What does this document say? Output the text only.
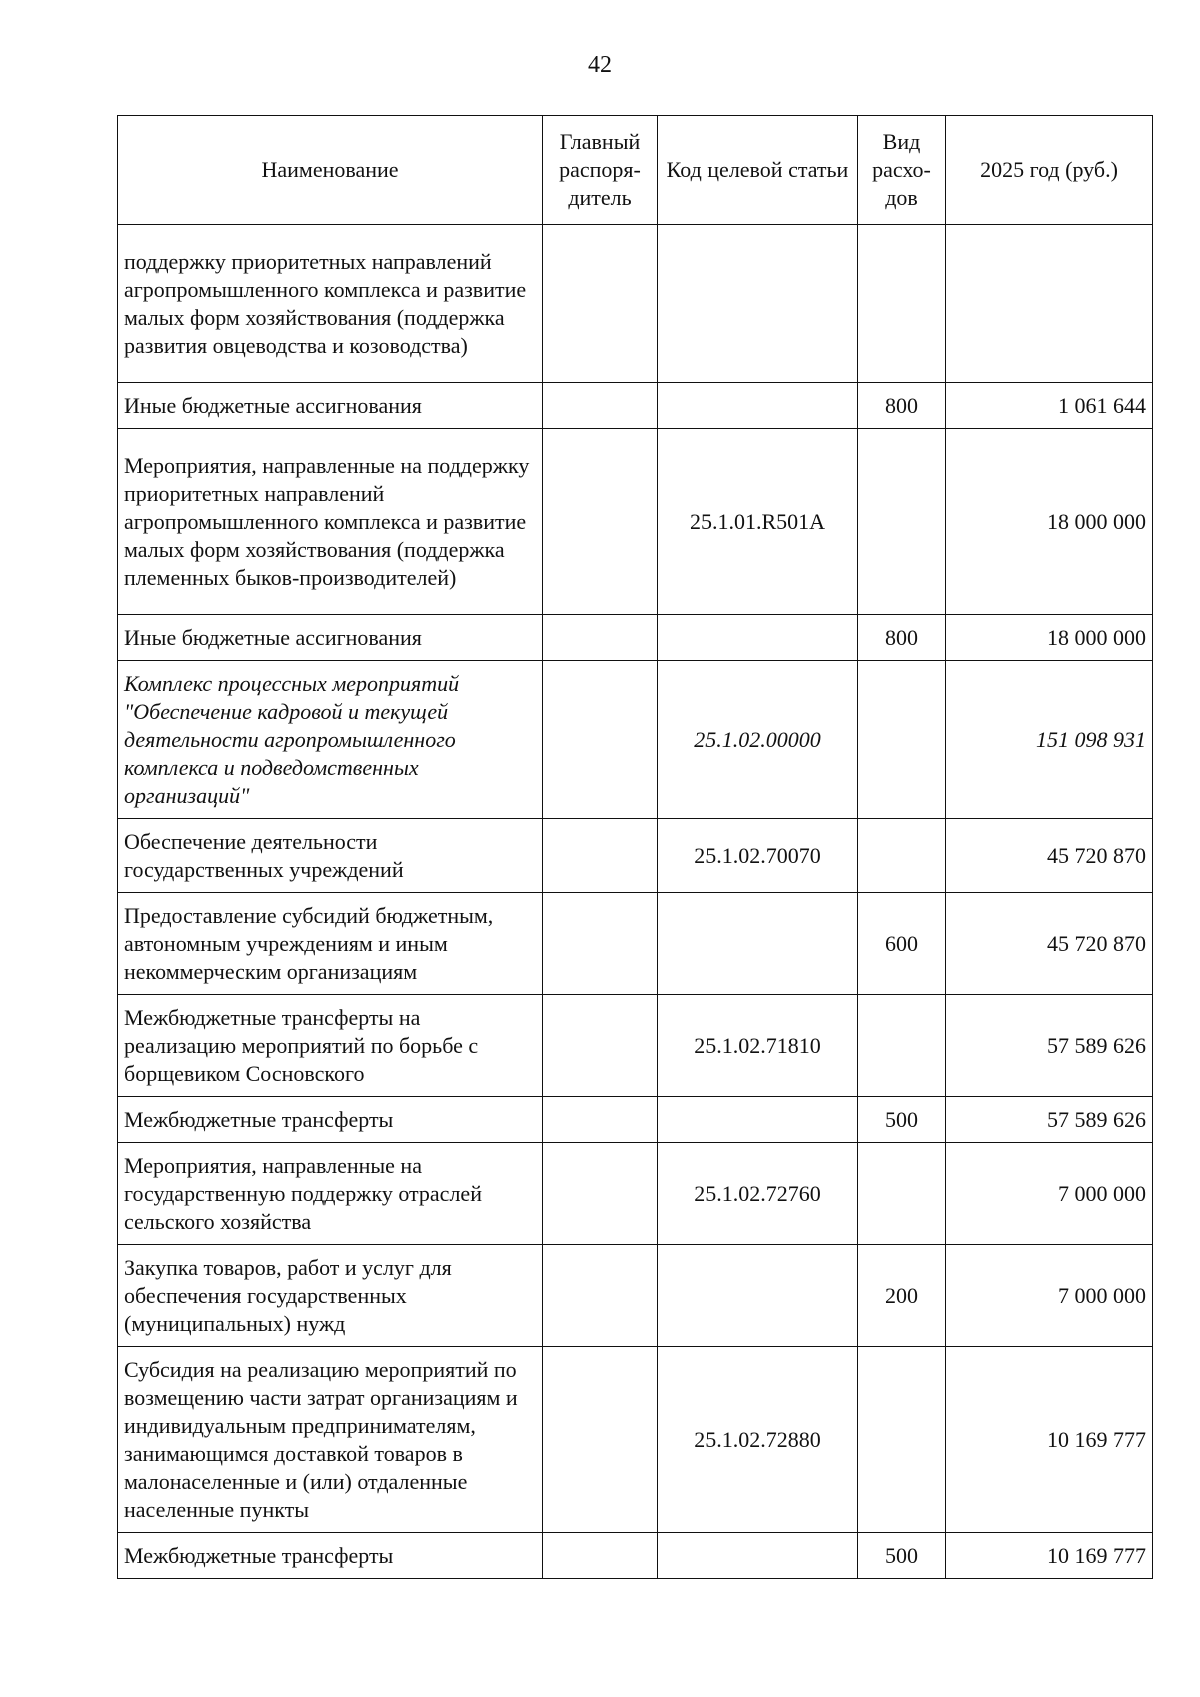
42
Наименование	Главный распоря-дитель	Код целевой статьи	Вид расхо-дов	2025 год (руб.)
поддержку приоритетных направлений агропромышленного комплекса и развитие малых форм хозяйствования (поддержка развития овцеводства и козоводства)				
Иные бюджетные ассигнования			800	1 061 644
Мероприятия, направленные на поддержку приоритетных направлений агропромышленного комплекса и развитие малых форм хозяйствования (поддержка племенных быков-производителей)		25.1.01.R501A		18 000 000
Иные бюджетные ассигнования			800	18 000 000
Комплекс процессных мероприятий "Обеспечение кадровой и текущей деятельности агропромышленного комплекса и подведомственных организаций"		25.1.02.00000		151 098 931
Обеспечение деятельности государственных учреждений		25.1.02.70070		45 720 870
Предоставление субсидий бюджетным, автономным учреждениям и иным некоммерческим организациям			600	45 720 870
Межбюджетные трансферты на реализацию мероприятий по борьбе с борщевиком Сосновского		25.1.02.71810		57 589 626
Межбюджетные трансферты			500	57 589 626
Мероприятия, направленные на государственную поддержку отраслей сельского хозяйства		25.1.02.72760		7 000 000
Закупка товаров, работ и услуг для обеспечения государственных (муниципальных) нужд			200	7 000 000
Субсидия на реализацию мероприятий по возмещению части затрат организациям и индивидуальным предпринимателям, занимающимся доставкой товаров в малонаселенные и (или) отдаленные населенные пункты		25.1.02.72880		10 169 777
Межбюджетные трансферты			500	10 169 777
